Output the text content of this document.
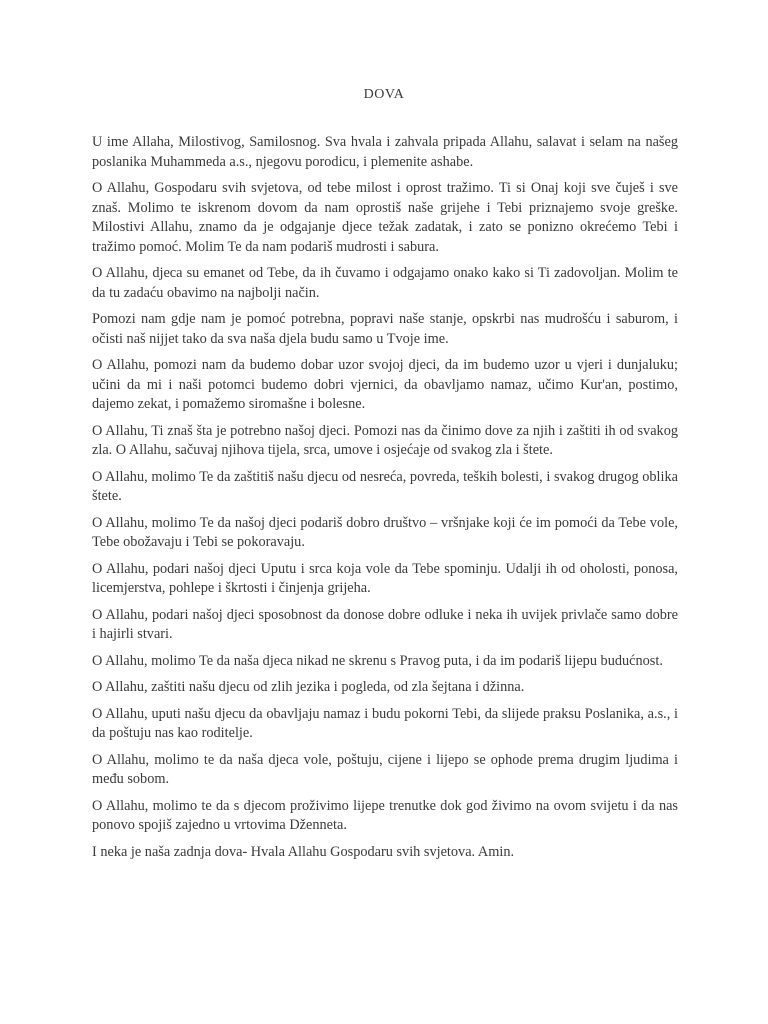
DOVA

U ime Allaha, Milostivog, Samilosnog. Sva hvala i zahvala pripada Allahu, salavat i selam na našeg poslanika Muhammeda a.s., njegovu porodicu, i plemenite ashabe.

O Allahu, Gospodaru svih svjetova, od tebe milost i oprost tražimo. Ti si Onaj koji sve čuješ i sve znaš. Molimo te iskrenom dovom da nam oprostiš naše grijehe i Tebi priznajemo svoje greške. Milostivi Allahu, znamo da je odgajanje djece težak zadatak, i zato se ponizno okrećemo Tebi i tražimo pomoć. Molim Te da nam podariš mudrosti i sabura.

O Allahu, djeca su emanet od Tebe, da ih čuvamo i odgajamo onako kako si Ti zadovoljan. Molim te da tu zadaću obavimo na najbolji način.

Pomozi nam gdje nam je pomoć potrebna, popravi naše stanje, opskrbi nas mudrošću i saburom, i očisti naš nijjet tako da sva naša djela budu samo u Tvoje ime.

O Allahu, pomozi nam da budemo dobar uzor svojoj djeci, da im budemo uzor u vjeri i dunjaluku; učini da mi i naši potomci budemo dobri vjernici, da obavljamo namaz, učimo Kur'an, postimo, dajemo zekat, i pomažemo siromašne i bolesne.

O Allahu, Ti znaš šta je potrebno našoj djeci. Pomozi nas da činimo dove za njih i zaštiti ih od svakog zla. O Allahu, sačuvaj njihova tijela, srca, umove i osjećaje od svakog zla i štete.

O Allahu, molimo Te da zaštitiš našu djecu od nesreća, povreda, teških bolesti, i svakog drugog oblika štete.

O Allahu, molimo Te da našoj djeci podariš dobro društvo – vršnjake koji će im pomoći da Tebe vole, Tebe obožavaju i Tebi se pokoravaju.

O Allahu, podari našoj djeci Uputu i srca koja vole da Tebe spominju. Udalji ih od oholosti, ponosa, licemjerstva, pohlepe i škrtosti i činjenja grijeha.

O Allahu, podari našoj djeci sposobnost da donose dobre odluke i neka ih uvijek privlače samo dobre i hajirli stvari.

O Allahu, molimo Te da naša djeca nikad ne skrenu s Pravog puta, i da im podariš lijepu budućnost.

O Allahu, zaštiti našu djecu od zlih jezika i pogleda, od zla šejtana i džinna.

O Allahu, uputi našu djecu da obavljaju namaz i budu pokorni Tebi, da slijede praksu Poslanika, a.s., i da poštuju nas kao roditelje.

O Allahu, molimo te da naša djeca vole, poštuju, cijene i lijepo se ophode prema drugim ljudima i među sobom.

O Allahu, molimo te da s djecom proživimo lijepe trenutke dok god živimo na ovom svijetu i da nas ponovo spojiš zajedno u vrtovima Dženneta.

I neka je naša zadnja dova- Hvala Allahu Gospodaru svih svjetova. Amin.
